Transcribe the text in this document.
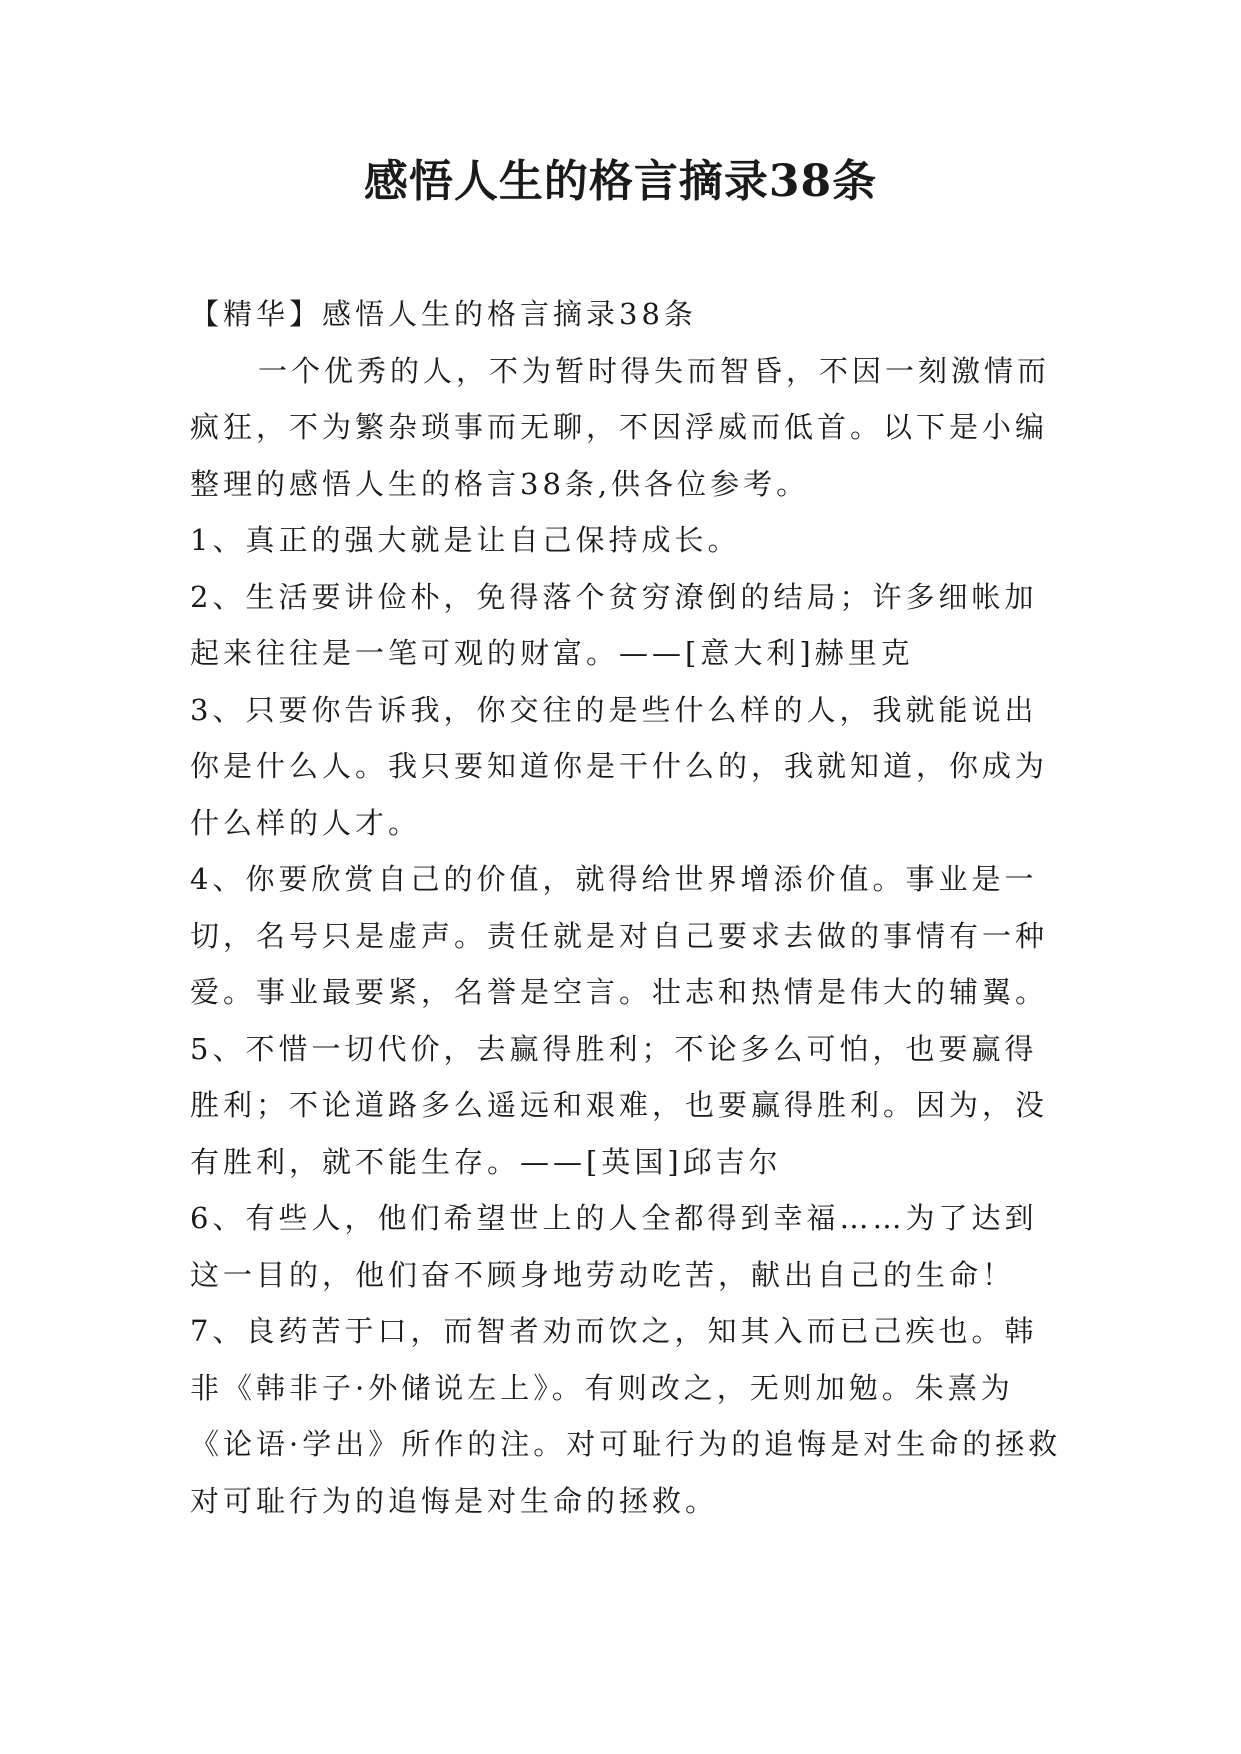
感悟人生的格言摘录38条

【精华】感悟人生的格言摘录38条

一个优秀的人，不为暂时得失而智昏，不因一刻激情而疯狂，不为繁杂琐事而无聊，不因浮威而低首。以下是小编整理的感悟人生的格言38条,供各位参考。

1、真正的强大就是让自己保持成长。

2、生活要讲俭朴，免得落个贫穷潦倒的结局；许多细帐加起来往往是一笔可观的财富。——[意大利]赫里克

3、只要你告诉我，你交往的是些什么样的人，我就能说出你是什么人。我只要知道你是干什么的，我就知道，你成为什么样的人才。

4、你要欣赏自己的价值，就得给世界增添价值。事业是一切，名号只是虚声。责任就是对自己要求去做的事情有一种爱。事业最要紧，名誉是空言。壮志和热情是伟大的辅翼。

5、不惜一切代价，去赢得胜利；不论多么可怕，也要赢得胜利；不论道路多么遥远和艰难，也要赢得胜利。因为，没有胜利，就不能生存。——[英国]邱吉尔

6、有些人，他们希望世上的人全都得到幸福……为了达到这一目的，他们奋不顾身地劳动吃苦，献出自己的生命！

7、良药苦于口，而智者劝而饮之，知其入而已己疾也。韩非《韩非子·外储说左上》。有则改之，无则加勉。朱熹为《论语·学出》所作的注。对可耻行为的追悔是对生命的拯救对可耻行为的追悔是对生命的拯救。
